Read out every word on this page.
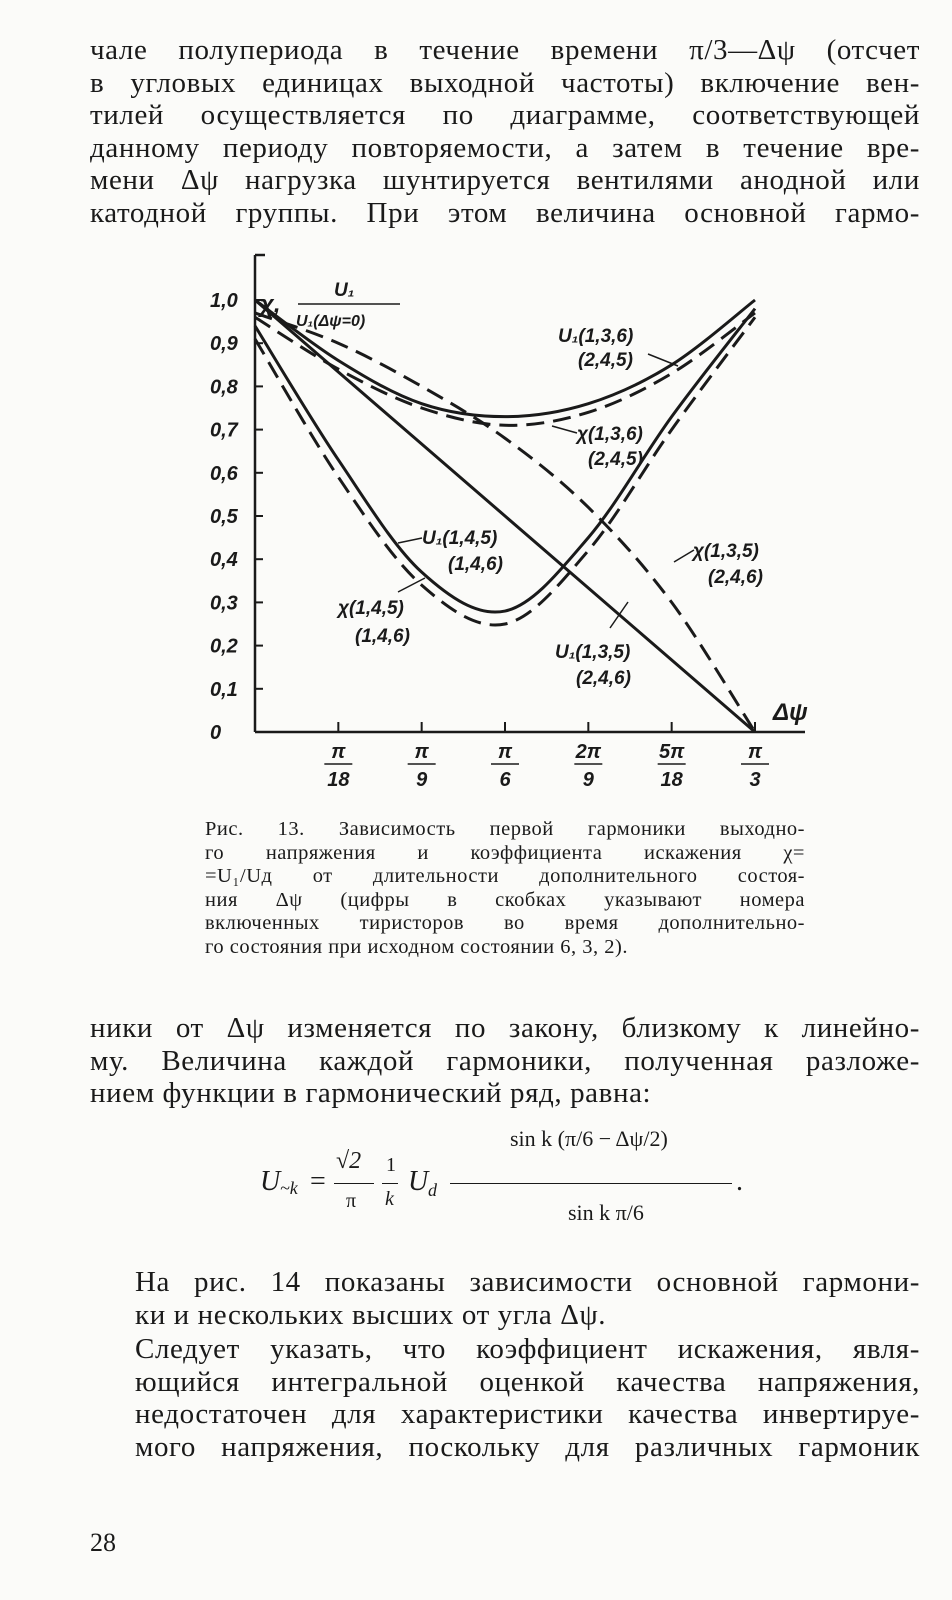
чале полупериода в течение времени π/3—Δψ (отсчет
в угловых единицах выходной частоты) включение вен-
тилей осуществляется по диаграмме, соответствующей
данному периоду повторяемости, а затем в течение вре-
мени Δψ нагрузка шунтируется вентилями анодной или
катодной группы. При этом величина основной гармо-

1,0
0,9
0,8
0,7
0,6
0,5
0,4
0,3
0,2
0,1
0
π
18
π
9
π
6
2π
9
5π
18
π
3
χ,
U₁
U₁(Δψ=0)
U₁(1,3,6)
(2,4,5)
χ(1,3,6)
(2,4,5)
U₁(1,4,5)
(1,4,6)
χ(1,4,5)
(1,4,6)
χ(1,3,5)
(2,4,6)
U₁(1,3,5)
(2,4,6)
Δψ

Рис. 13. Зависимость первой гармоники выходно-
го напряжения и коэффициента искажения χ=
=U₁/Uд от длительности дополнительного состоя-
ния Δψ (цифры в скобках указывают номера
включенных тиристоров во время дополнительно-
го состояния при исходном состоянии 6, 3, 2).

ники от Δψ изменяется по закону, близкому к линейно-
му. Величина каждой гармоники, полученная разложе-
нием функции в гармонический ряд, равна:

U ~k =
√2
π
1
k
U d
sin k (π/6 − Δψ/2)
sin k π/6
.

На рис. 14 показаны зависимости основной гармони-
ки и нескольких высших от угла Δψ.

Следует указать, что коэффициент искажения, явля-
ющийся интегральной оценкой качества напряжения,
недостаточен для характеристики качества инвертируе-
мого напряжения, поскольку для различных гармоник

28
